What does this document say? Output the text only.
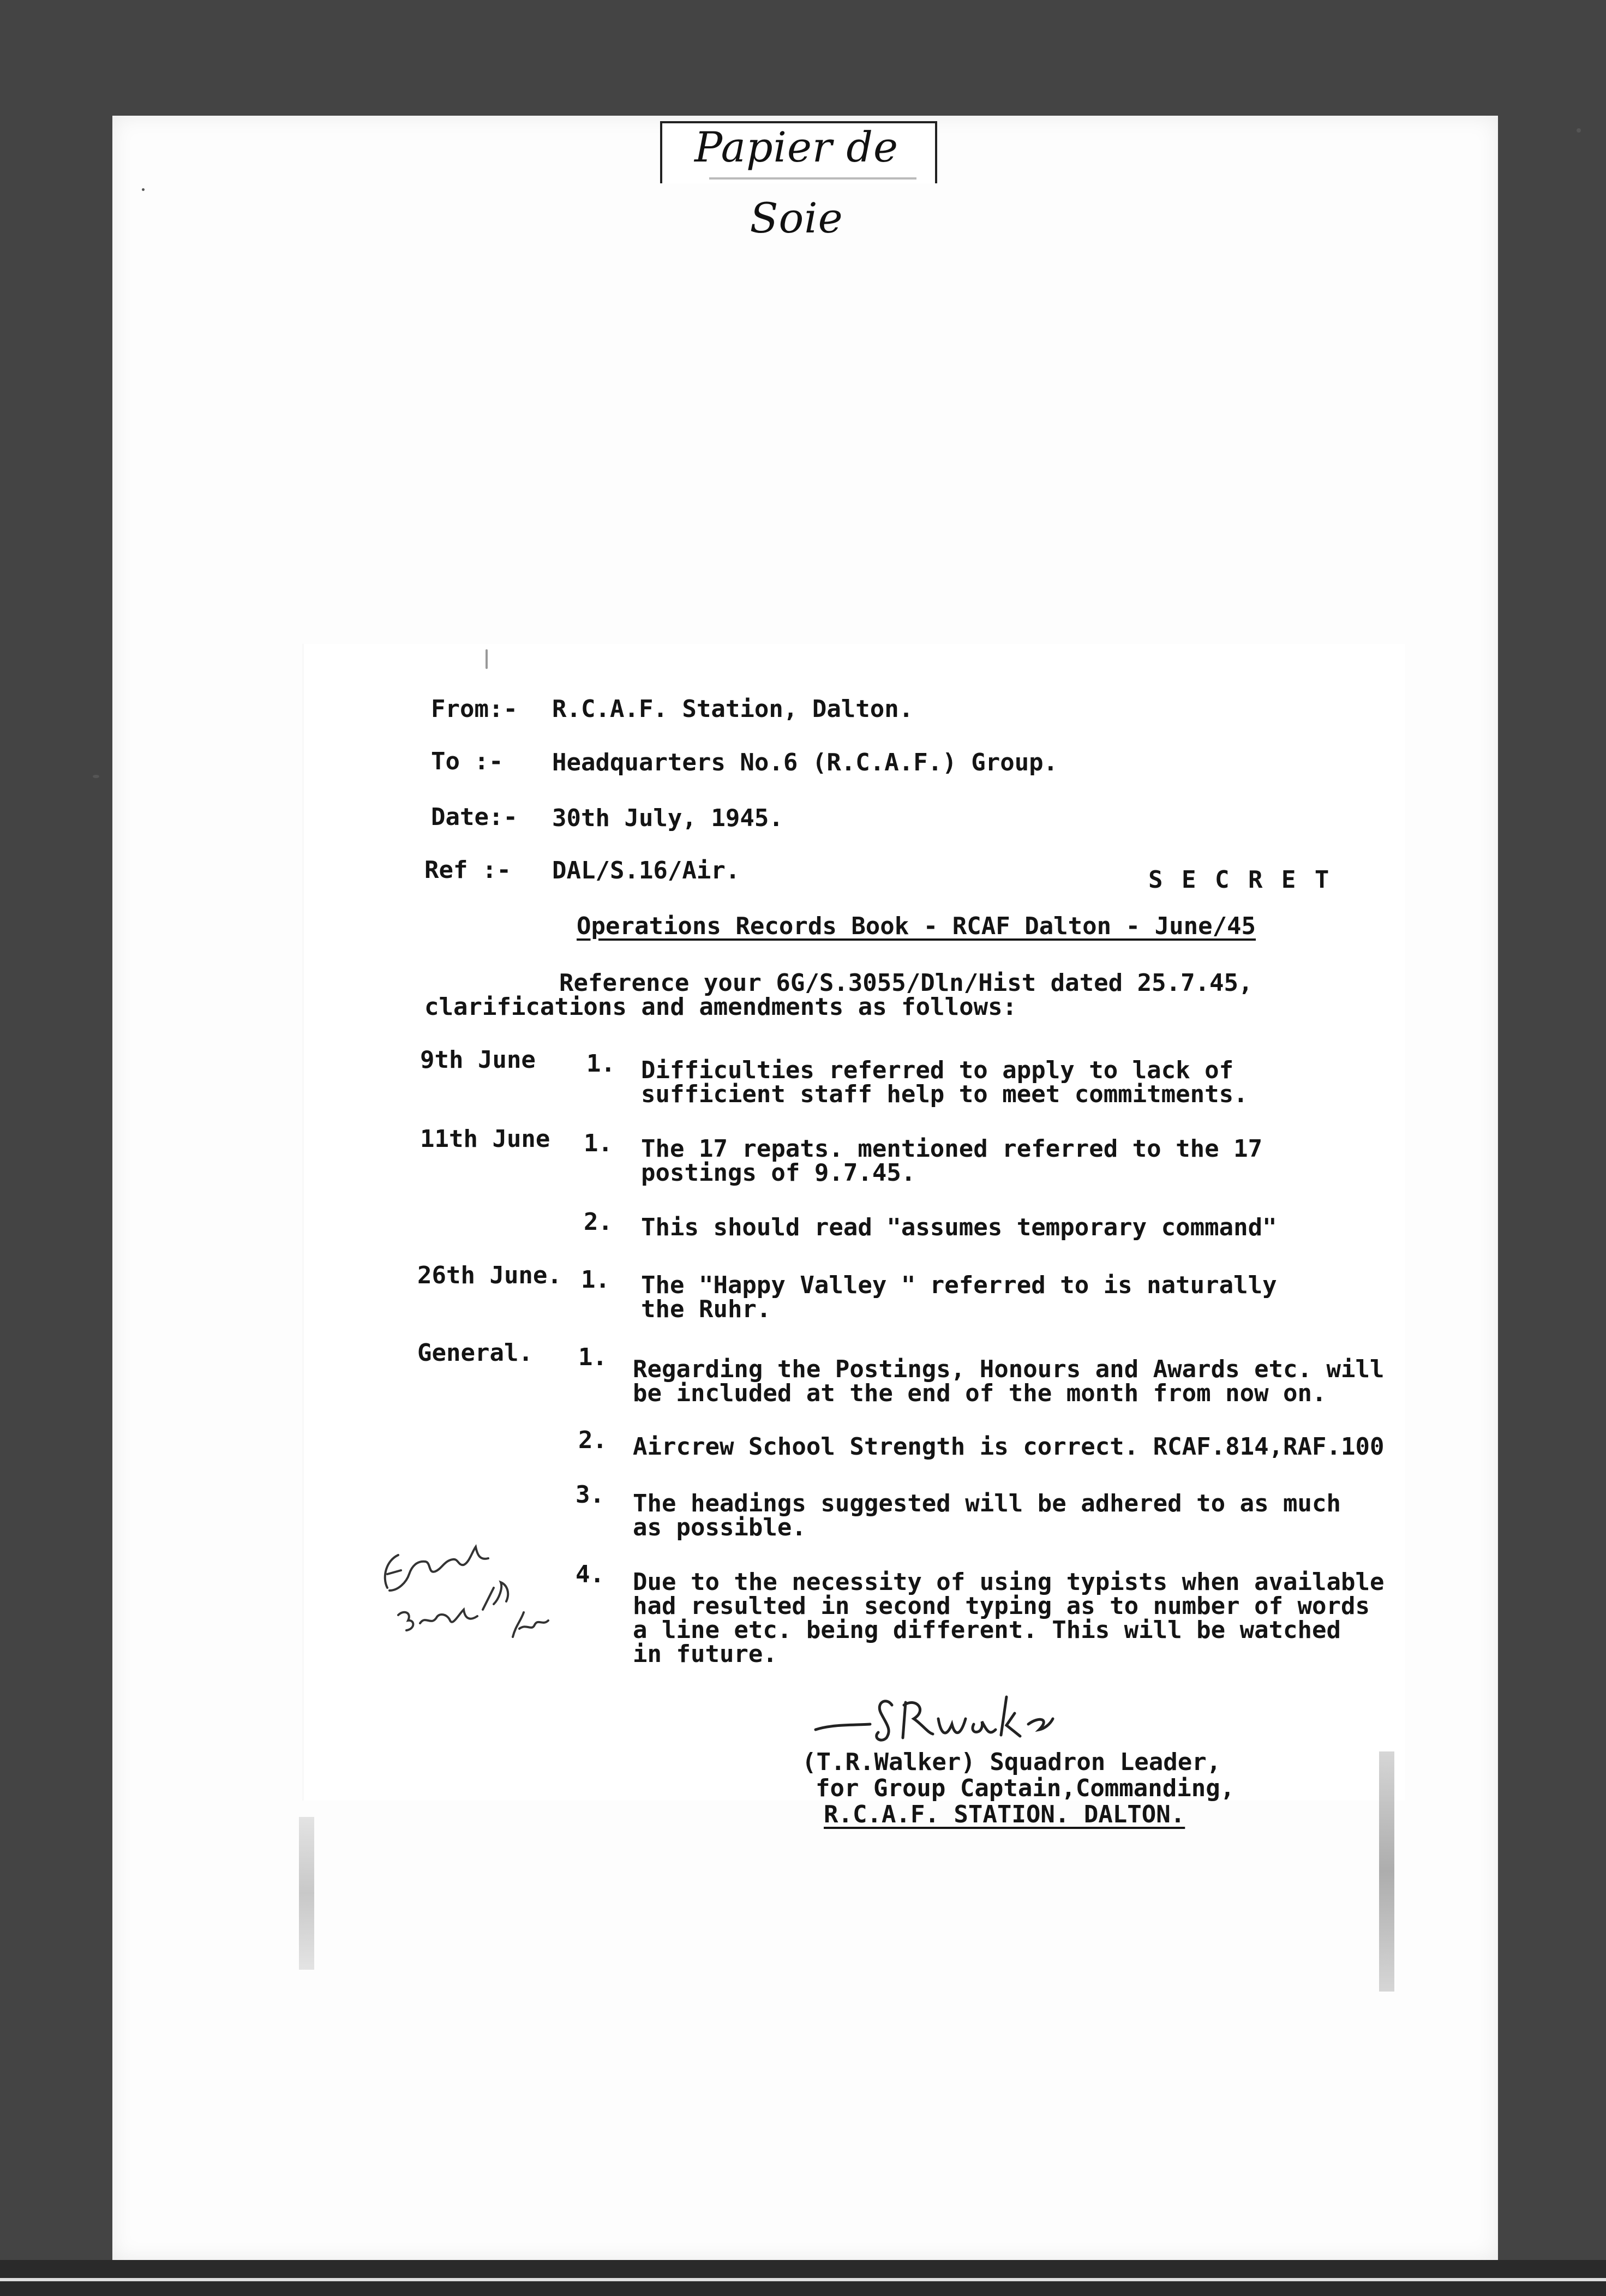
Papier de Soie
From:- R.C.A.F. Station, Dalton.
To :- Headquarters No.6 (R.C.A.F.) Group.
Date:- 30th July, 1945.
Ref :- DAL/S.16/Air.	S E C R E T
Operations Records Book - RCAF Dalton - June/45
Reference your 6G/S.3055/Dln/Hist dated 25.7.45,
clarifications and amendments as follows:
9th June 1. Difficulties referred to apply to lack of
sufficient staff help to meet commitments.
11th June 1. The 17 repats. mentioned referred to the 17
postings of 9.7.45.
2. This should read "assumes temporary command"
26th June. 1. The "Happy Valley " referred to is naturally
the Ruhr.
General. 1. Regarding the Postings, Honours and Awards etc. will
be included at the end of the month from now on.
2. Aircrew School Strength is correct. RCAF.814,RAF.100
3. The headings suggested will be adhered to as much
as possible.
4. Due to the necessity of using typists when available
had resulted in second typing as to number of words
a line etc. being different. This will be watched
in future.
(T.R.Walker) Squadron Leader,
for Group Captain,Commanding,
R.C.A.F. STATION. DALTON.
